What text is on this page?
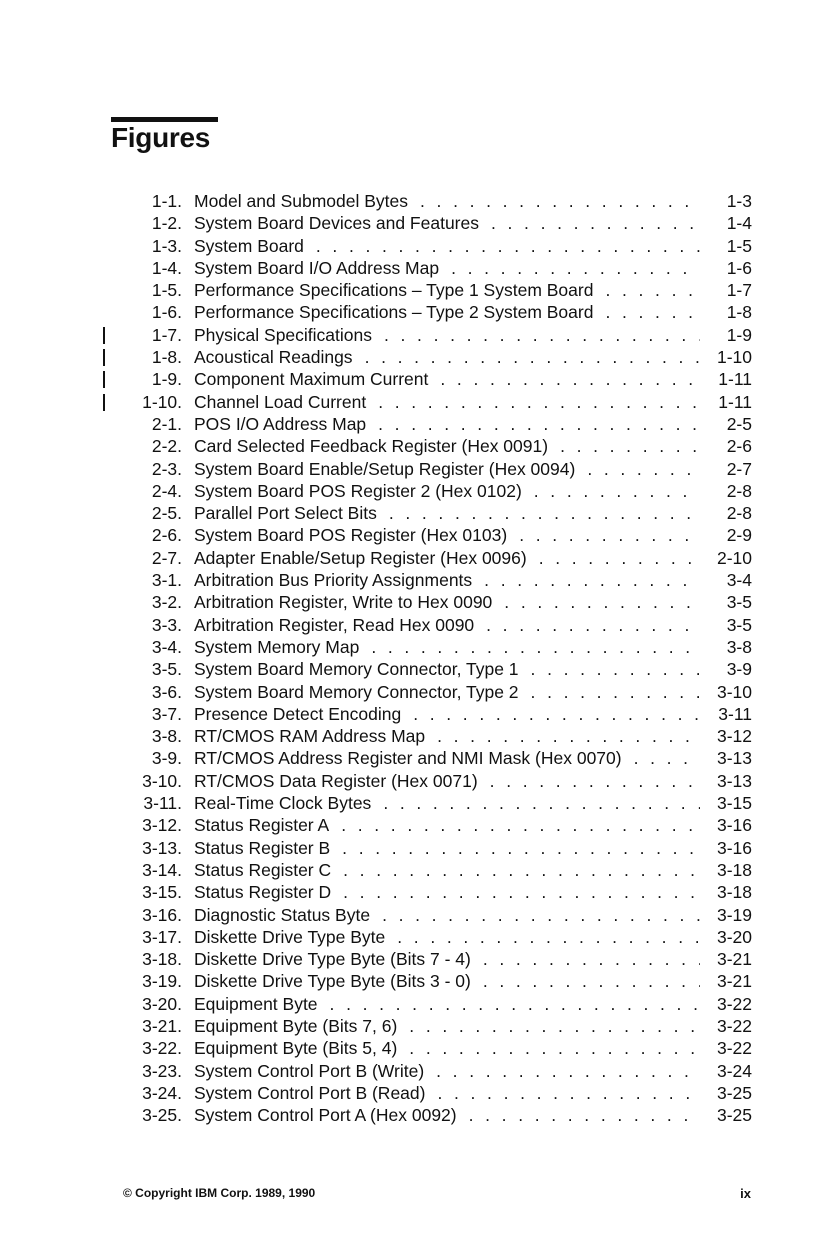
Figures
1-1. Model and Submodel Bytes . . .	1-3
1-2. System Board Devices and Features . . .	1-4
1-3. System Board . . .	1-5
1-4. System Board I/O Address Map . . .	1-6
1-5. Performance Specifications – Type 1 System Board . . .	1-7
1-6. Performance Specifications – Type 2 System Board . . .	1-8
1-7. Physical Specifications . . .	1-9
1-8. Acoustical Readings . . .	1-10
1-9. Component Maximum Current . . .	1-11
1-10. Channel Load Current . . .	1-11
2-1. POS I/O Address Map . . .	2-5
2-2. Card Selected Feedback Register (Hex 0091) . . .	2-6
2-3. System Board Enable/Setup Register (Hex 0094) . . .	2-7
2-4. System Board POS Register 2 (Hex 0102) . . .	2-8
2-5. Parallel Port Select Bits . . .	2-8
2-6. System Board POS Register (Hex 0103) . . .	2-9
2-7. Adapter Enable/Setup Register (Hex 0096) . . .	2-10
3-1. Arbitration Bus Priority Assignments . . .	3-4
3-2. Arbitration Register, Write to Hex 0090 . . .	3-5
3-3. Arbitration Register, Read Hex 0090 . . .	3-5
3-4. System Memory Map . . .	3-8
3-5. System Board Memory Connector, Type 1 . . .	3-9
3-6. System Board Memory Connector, Type 2 . . .	3-10
3-7. Presence Detect Encoding . . .	3-11
3-8. RT/CMOS RAM Address Map . . .	3-12
3-9. RT/CMOS Address Register and NMI Mask (Hex 0070) . . .	3-13
3-10. RT/CMOS Data Register (Hex 0071) . . .	3-13
3-11. Real-Time Clock Bytes . . .	3-15
3-12. Status Register A . . .	3-16
3-13. Status Register B . . .	3-16
3-14. Status Register C . . .	3-18
3-15. Status Register D . . .	3-18
3-16. Diagnostic Status Byte . . .	3-19
3-17. Diskette Drive Type Byte . . .	3-20
3-18. Diskette Drive Type Byte (Bits 7 - 4) . . .	3-21
3-19. Diskette Drive Type Byte (Bits 3 - 0) . . .	3-21
3-20. Equipment Byte . . .	3-22
3-21. Equipment Byte (Bits 7, 6) . . .	3-22
3-22. Equipment Byte (Bits 5, 4) . . .	3-22
3-23. System Control Port B (Write) . . .	3-24
3-24. System Control Port B (Read) . . .	3-25
3-25. System Control Port A (Hex 0092) . . .	3-25
© Copyright IBM Corp. 1989, 1990	ix
